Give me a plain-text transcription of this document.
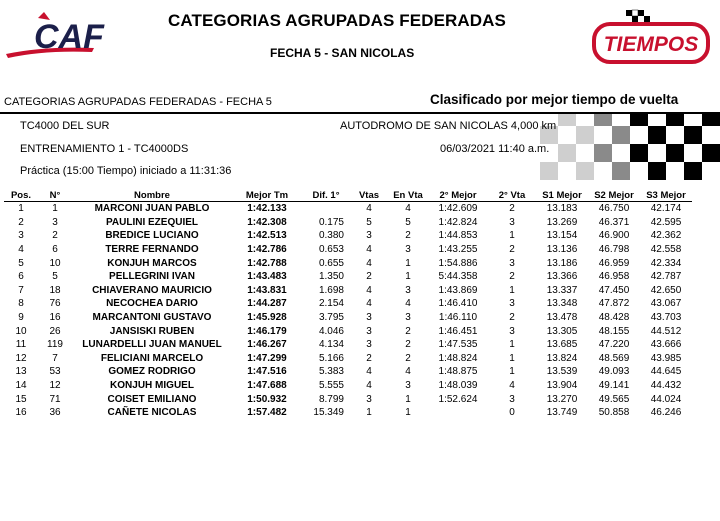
CAF	CATEGORIAS AGRUPADAS FEDERADAS
FECHA 5 - SAN NICOLAS	TIEMPOS
CATEGORIAS AGRUPADAS FEDERADAS - FECHA 5	Clasificado por mejor tiempo de vuelta
TC4000 DEL SUR	AUTODROMO DE SAN NICOLAS 4,000 km
ENTRENAMIENTO 1 - TC4000DS	06/03/2021 11:40 a.m.
Práctica (15:00 Tiempo) iniciado a 11:31:36
Pos.	N°	Nombre	Mejor Tm	Dif. 1°	Vtas	En Vta	2° Mejor	2° Vta	S1 Mejor	S2 Mejor	S3 Mejor
1	1	MARCONI JUAN PABLO	1:42.133		4	4	1:42.609	2	13.183	46.750	42.174
2	3	PAULINI EZEQUIEL	1:42.308	0.175	5	5	1:42.824	3	13.269	46.371	42.595
3	2	BREDICE LUCIANO	1:42.513	0.380	3	2	1:44.853	1	13.154	46.900	42.362
4	6	TERRE FERNANDO	1:42.786	0.653	4	3	1:43.255	2	13.136	46.798	42.558
5	10	KONJUH MARCOS	1:42.788	0.655	4	1	1:54.886	3	13.186	46.959	42.334
6	5	PELLEGRINI IVAN	1:43.483	1.350	2	1	5:44.358	2	13.366	46.958	42.787
7	18	CHIAVERANO MAURICIO	1:43.831	1.698	4	3	1:43.869	1	13.337	47.450	42.650
8	76	NECOCHEA DARIO	1:44.287	2.154	4	4	1:46.410	3	13.348	47.872	43.067
9	16	MARCANTONI GUSTAVO	1:45.928	3.795	3	3	1:46.110	2	13.478	48.428	43.703
10	26	JANSISKI RUBEN	1:46.179	4.046	3	2	1:46.451	3	13.305	48.155	44.512
11	119	LUNARDELLI JUAN MANUEL	1:46.267	4.134	3	2	1:47.535	1	13.685	47.220	43.666
12	7	FELICIANI MARCELO	1:47.299	5.166	2	2	1:48.824	1	13.824	48.569	43.985
13	53	GOMEZ RODRIGO	1:47.516	5.383	4	4	1:48.875	1	13.539	49.093	44.645
14	12	KONJUH MIGUEL	1:47.688	5.555	4	3	1:48.039	4	13.904	49.141	44.432
15	71	COISET EMILIANO	1:50.932	8.799	3	1	1:52.624	3	13.270	49.565	44.024
16	36	CAÑETE NICOLAS	1:57.482	15.349	1	1		0	13.749	50.858	46.246
